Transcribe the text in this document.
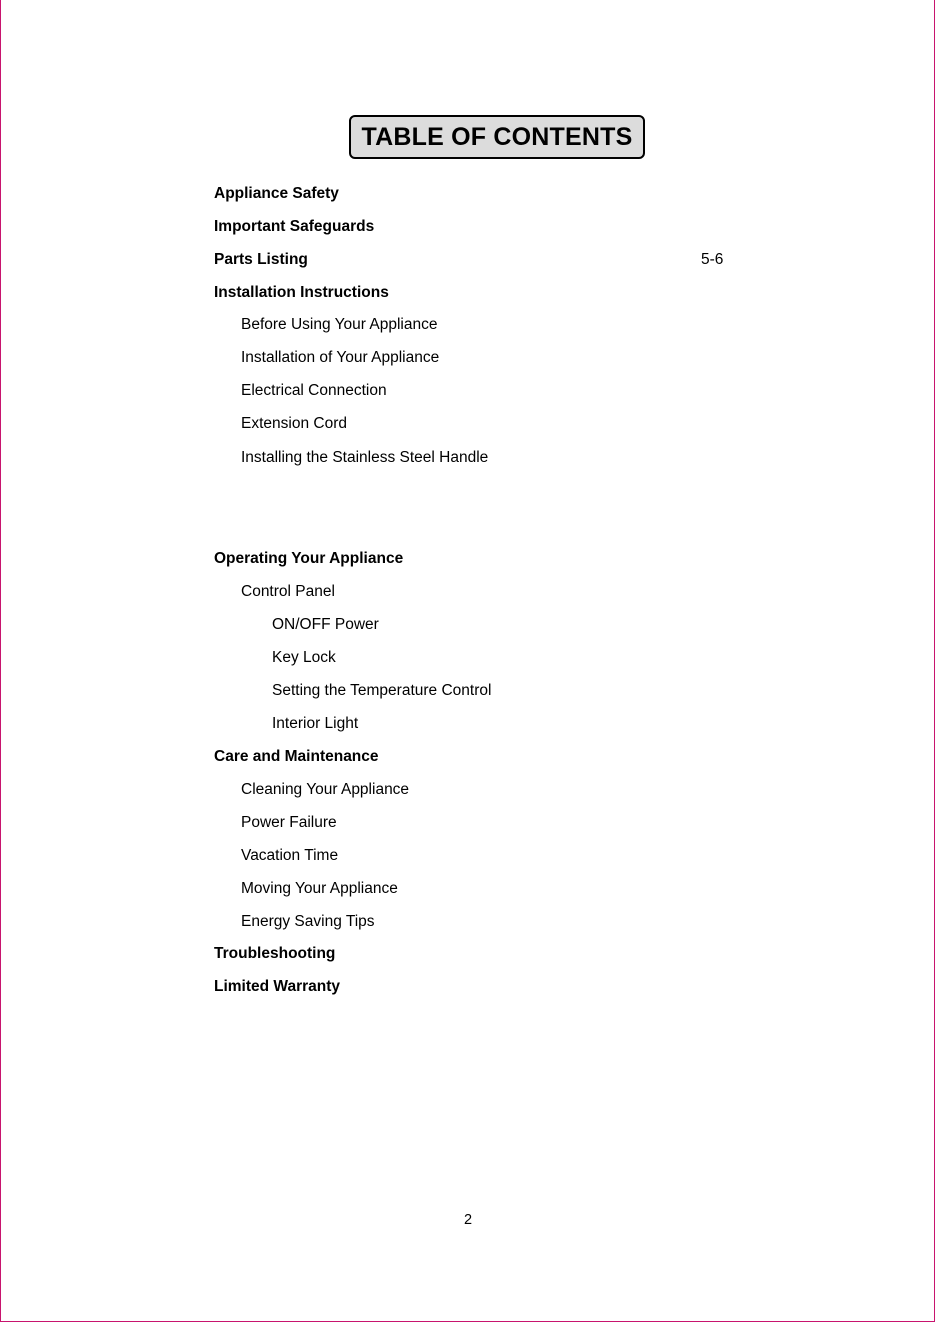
TABLE OF CONTENTS
Appliance Safety
Important Safeguards
Parts Listing	5-6
Installation Instructions
Before Using Your Appliance
Installation of Your Appliance
Electrical Connection
Extension Cord
Installing the Stainless Steel Handle
Operating Your Appliance
Control Panel
ON/OFF Power
Key Lock
Setting the Temperature Control
Interior Light
Care and Maintenance
Cleaning Your Appliance
Power Failure
Vacation Time
Moving Your Appliance
Energy Saving Tips
Troubleshooting
Limited Warranty
2
